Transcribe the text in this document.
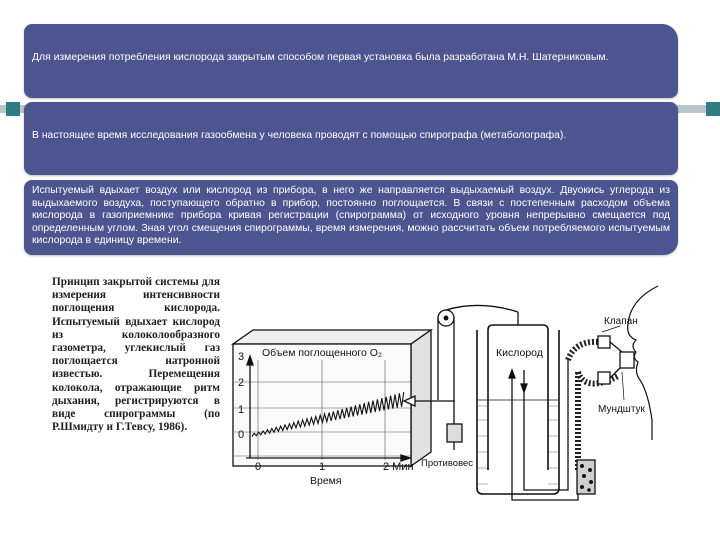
Для измерения потребления кислорода закрытым способом первая установка была разработана М.Н. Шатерниковым.
В настоящее время исследования газообмена у человека проводят с помощью спирографа (метаболографа).
Испытуемый вдыхает воздух или кислород из прибора, в него же направляется выдыхаемый воздух. Двуокись углерода из выдыхаемого воздуха, поступающего обратно в прибор, постоянно поглощается. В связи с постепенным расходом объема кислорода в газоприемнике прибора кривая регистрации (спирограмма) от исходного уровня непрерывно смещается под определенным углом. Зная угол смещения спирограммы, время измерения, можно рассчитать объем потребляемого испытуемым кислорода в единицу времени.
Принцип закрытой системы для измерения интенсивности поглощения кислорода. Испытуемый вдыхает кислород из колоколообразного газометра, углекислый газ поглощается натронной известью. Перемещения колокола, отражающие ритм дыхания, регистрируются в виде спирограммы (по Р.Шмидту и Г.Тевсу, 1986).
Объем поглощенного O₂
3
2
1
0
0	1	2 Мин
Время
Кислород
Противовес
Клапан
Мундштук
